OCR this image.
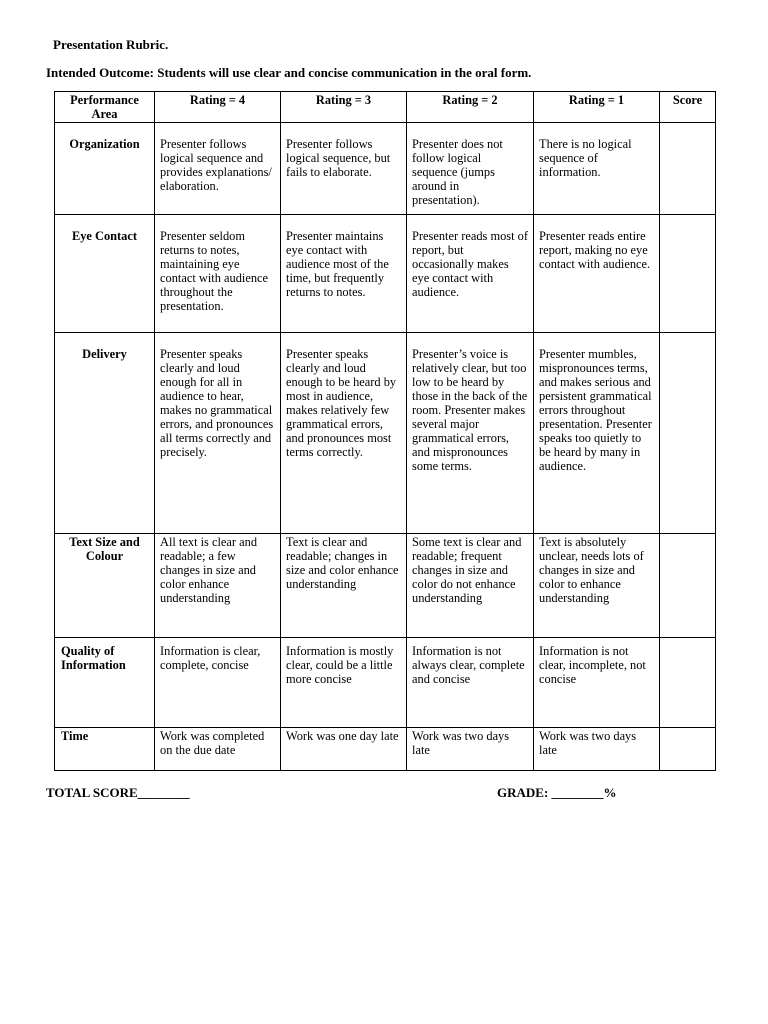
Presentation Rubric.
Intended Outcome: Students will use clear and concise communication in the oral form.
Performance Area	Rating = 4	Rating = 3	Rating = 2	Rating = 1	Score
Organization	Presenter follows logical sequence and provides explanations/ elaboration.	Presenter follows logical sequence, but fails to elaborate.	Presenter does not follow logical sequence (jumps around in presentation).	There is no logical sequence of information.	
Eye Contact	Presenter seldom returns to notes, maintaining eye contact with audience throughout the presentation.	Presenter maintains eye contact with audience most of the time, but frequently returns to notes.	Presenter reads most of report, but occasionally makes eye contact with audience.	Presenter reads entire report, making no eye contact with audience.	
Delivery	Presenter speaks clearly and loud enough for all in audience to hear, makes no grammatical errors, and pronounces all terms correctly and precisely.	Presenter speaks clearly and loud enough to be heard by most in audience, makes relatively few grammatical errors, and pronounces most terms correctly.	Presenter’s voice is relatively clear, but too low to be heard by those in the back of the room. Presenter makes several major grammatical errors, and mispronounces some terms.	Presenter mumbles, mispronounces terms, and makes serious and persistent grammatical errors throughout presentation. Presenter speaks too quietly to be heard by many in audience.	
Text Size and Colour	All text is clear and readable; a few changes in size and color enhance understanding	Text is clear and readable; changes in size and color enhance understanding	Some text is clear and readable; frequent changes in size and color do not enhance understanding	Text is absolutely unclear, needs lots of changes in size and color to enhance understanding	
Quality of Information	Information is clear, complete, concise	Information is mostly clear, could be a little more concise	Information is not always clear, complete and concise	Information is not clear, incomplete, not concise	
Time	Work was completed on the due date	Work was one day late	Work was two days late	Work was two days late	
TOTAL SCORE________	GRADE: ________%
